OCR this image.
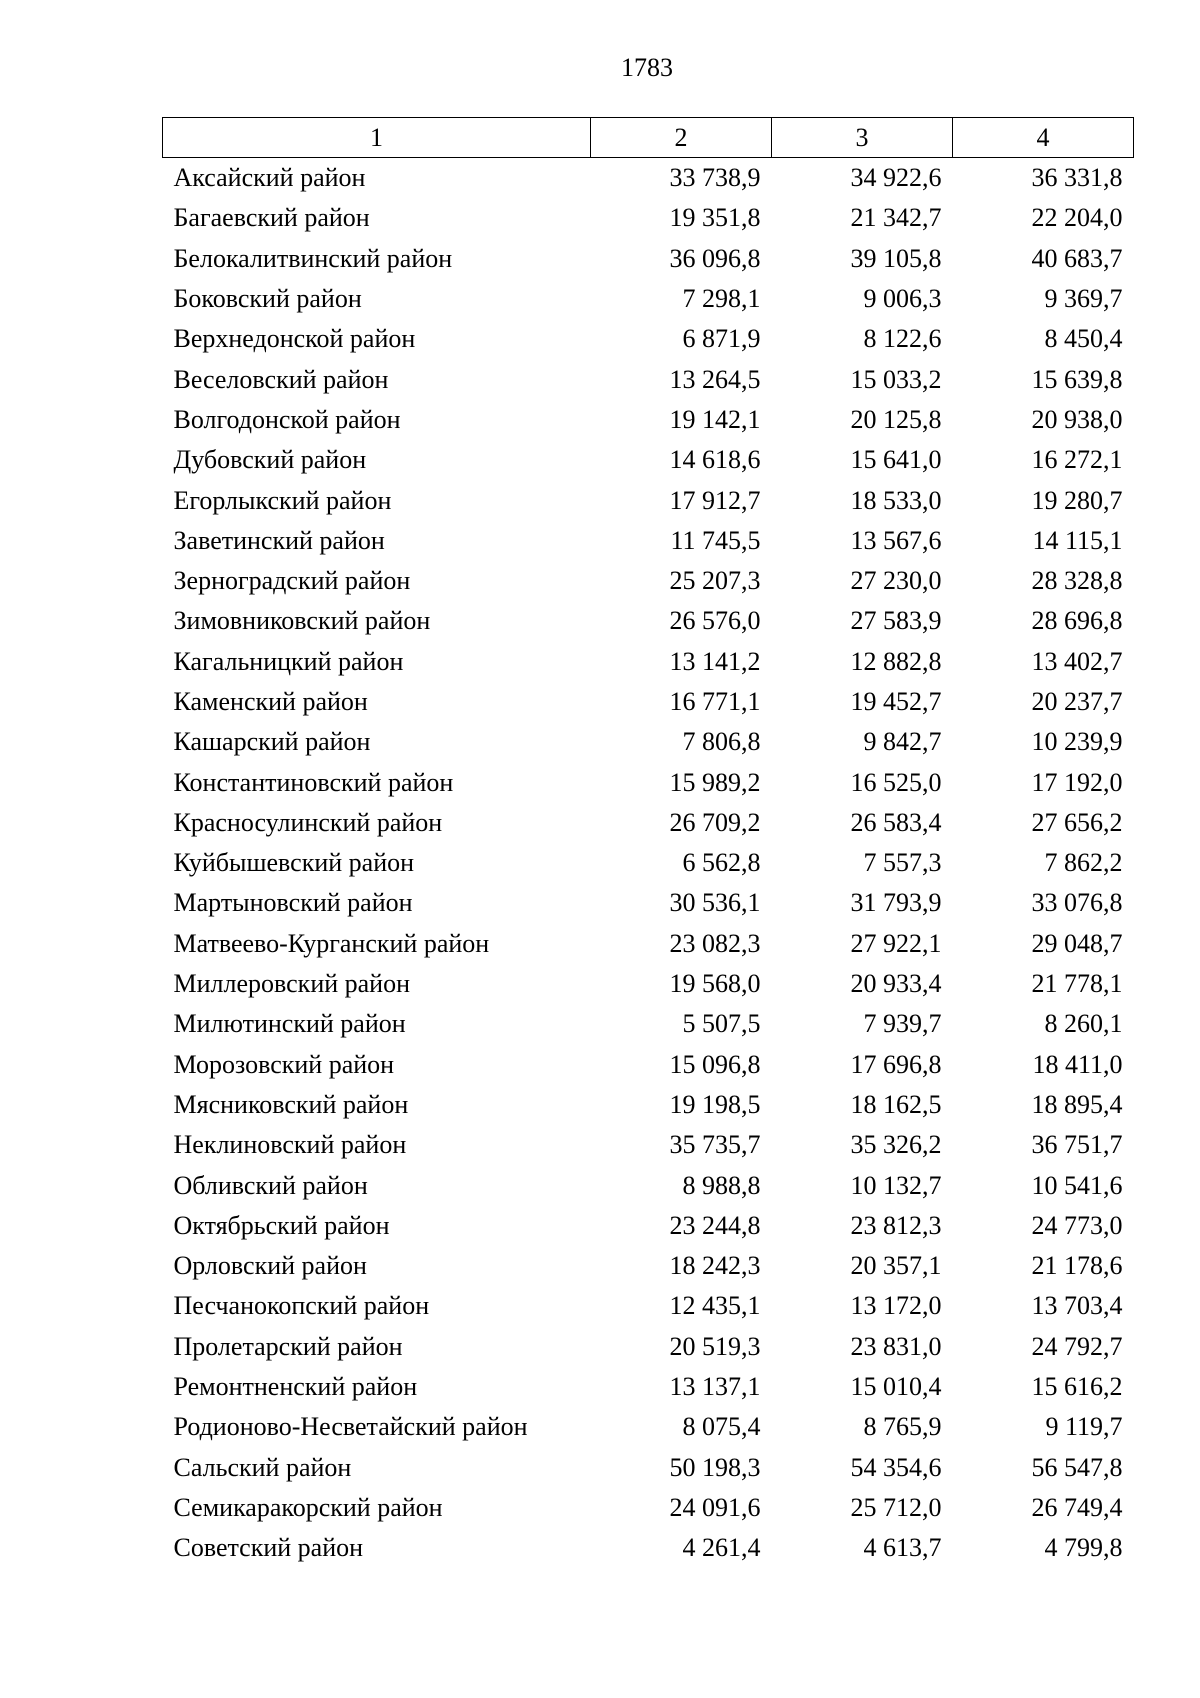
1783
1	2	3	4
Аксайский район	33 738,9	34 922,6	36 331,8
Багаевский район	19 351,8	21 342,7	22 204,0
Белокалитвинский район	36 096,8	39 105,8	40 683,7
Боковский район	7 298,1	9 006,3	9 369,7
Верхнедонской район	6 871,9	8 122,6	8 450,4
Веселовский район	13 264,5	15 033,2	15 639,8
Волгодонской район	19 142,1	20 125,8	20 938,0
Дубовский район	14 618,6	15 641,0	16 272,1
Егорлыкский район	17 912,7	18 533,0	19 280,7
Заветинский район	11 745,5	13 567,6	14 115,1
Зерноградский район	25 207,3	27 230,0	28 328,8
Зимовниковский район	26 576,0	27 583,9	28 696,8
Кагальницкий район	13 141,2	12 882,8	13 402,7
Каменский район	16 771,1	19 452,7	20 237,7
Кашарский район	7 806,8	9 842,7	10 239,9
Константиновский район	15 989,2	16 525,0	17 192,0
Красносулинский район	26 709,2	26 583,4	27 656,2
Куйбышевский район	6 562,8	7 557,3	7 862,2
Мартыновский район	30 536,1	31 793,9	33 076,8
Матвеево-Курганский район	23 082,3	27 922,1	29 048,7
Миллеровский район	19 568,0	20 933,4	21 778,1
Милютинский район	5 507,5	7 939,7	8 260,1
Морозовский район	15 096,8	17 696,8	18 411,0
Мясниковский район	19 198,5	18 162,5	18 895,4
Неклиновский район	35 735,7	35 326,2	36 751,7
Обливский район	8 988,8	10 132,7	10 541,6
Октябрьский район	23 244,8	23 812,3	24 773,0
Орловский район	18 242,3	20 357,1	21 178,6
Песчанокопский район	12 435,1	13 172,0	13 703,4
Пролетарский район	20 519,3	23 831,0	24 792,7
Ремонтненский район	13 137,1	15 010,4	15 616,2
Родионово-Несветайский район	8 075,4	8 765,9	9 119,7
Сальский район	50 198,3	54 354,6	56 547,8
Семикаракорский район	24 091,6	25 712,0	26 749,4
Советский район	4 261,4	4 613,7	4 799,8
